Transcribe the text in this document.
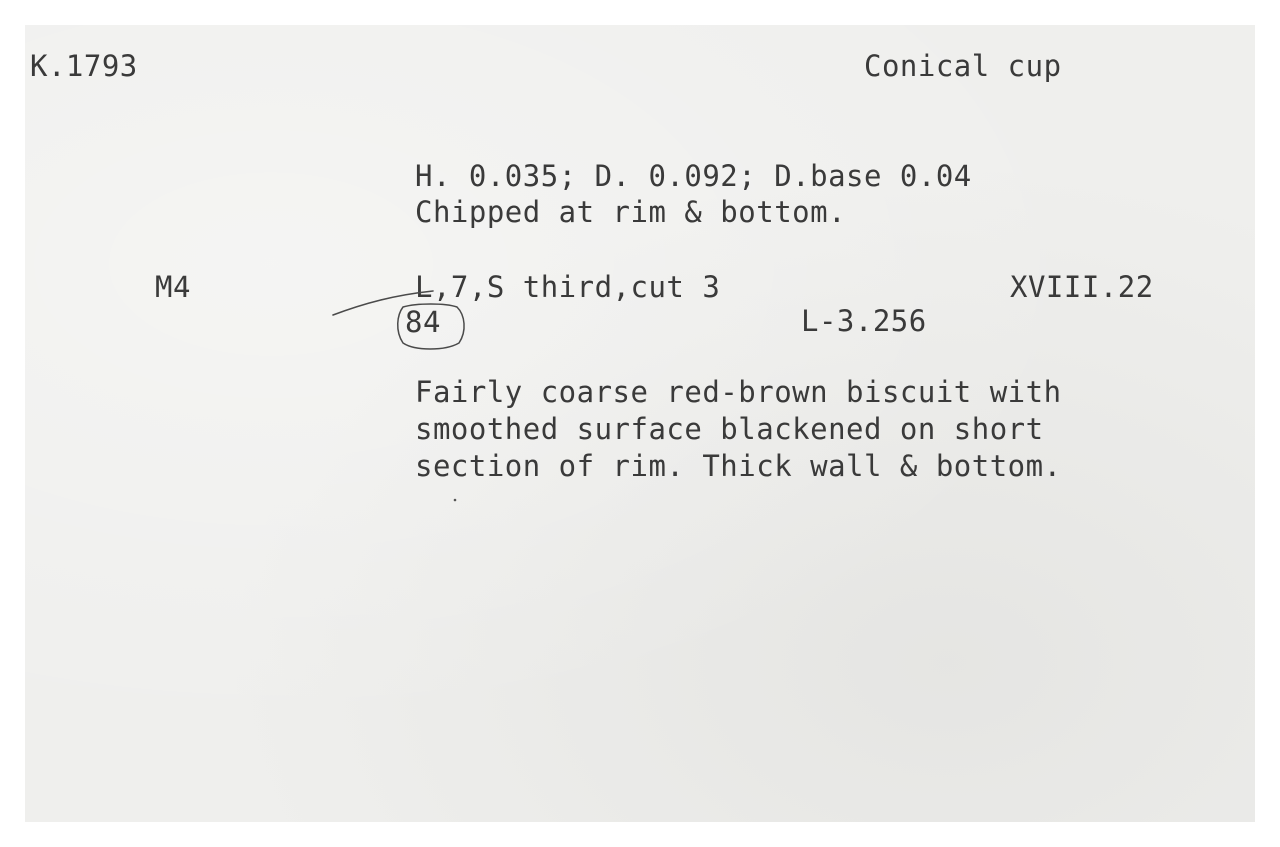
K.1793	Conical cup
H. 0.035; D. 0.092; D.base 0.04
Chipped at rim & bottom.
M4	L,7,S third,cut 3	XVIII.22
84	L-3.256
Fairly coarse red-brown biscuit with
smoothed surface blackened on short
section of rim. Thick wall & bottom.
